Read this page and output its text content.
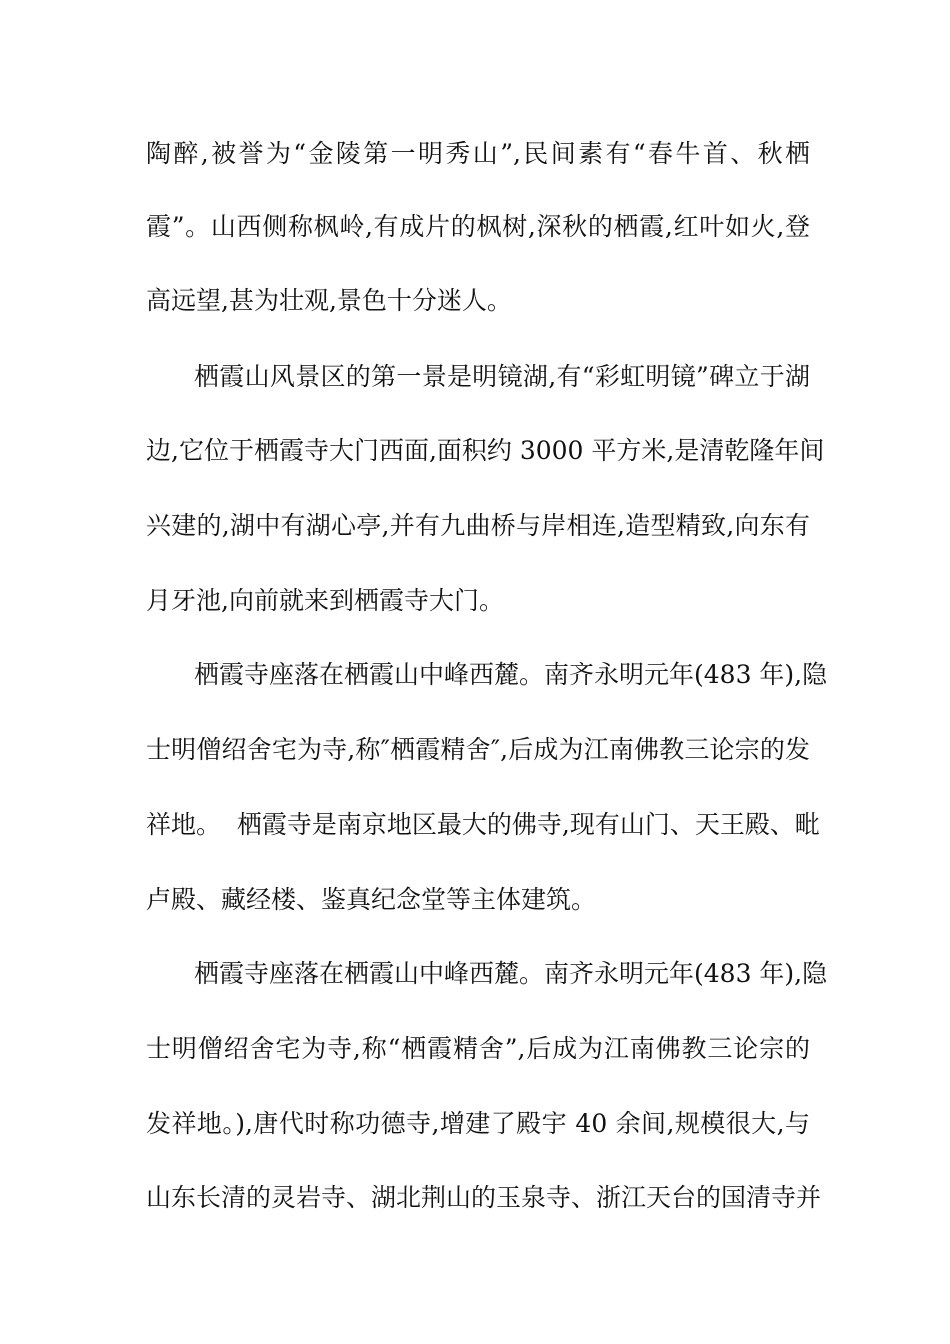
陶醉,被誉为“金陵第一明秀山”,民间素有“春牛首、秋栖
霞”。山西侧称枫岭,有成片的枫树,深秋的栖霞,红叶如火,登
高远望,甚为壮观,景色十分迷人。
栖霞山风景区的第一景是明镜湖,有“彩虹明镜”碑立于湖
边,它位于栖霞寺大门西面,面积约 3000 平方米,是清乾隆年间
兴建的,湖中有湖心亭,并有九曲桥与岸相连,造型精致,向东有
月牙池,向前就来到栖霞寺大门。
栖霞寺座落在栖霞山中峰西麓。南齐永明元年(483 年),隐
士明僧绍舍宅为寺,称″栖霞精舍″,后成为江南佛教三论宗的发
祥地。  栖霞寺是南京地区最大的佛寺,现有山门、天王殿、毗
卢殿、藏经楼、鉴真纪念堂等主体建筑。
栖霞寺座落在栖霞山中峰西麓。南齐永明元年(483 年),隐
士明僧绍舍宅为寺,称“栖霞精舍”,后成为江南佛教三论宗的
发祥地。),唐代时称功德寺,增建了殿宇 40 余间,规模很大,与
山东长清的灵岩寺、湖北荆山的玉泉寺、浙江天台的国清寺并
